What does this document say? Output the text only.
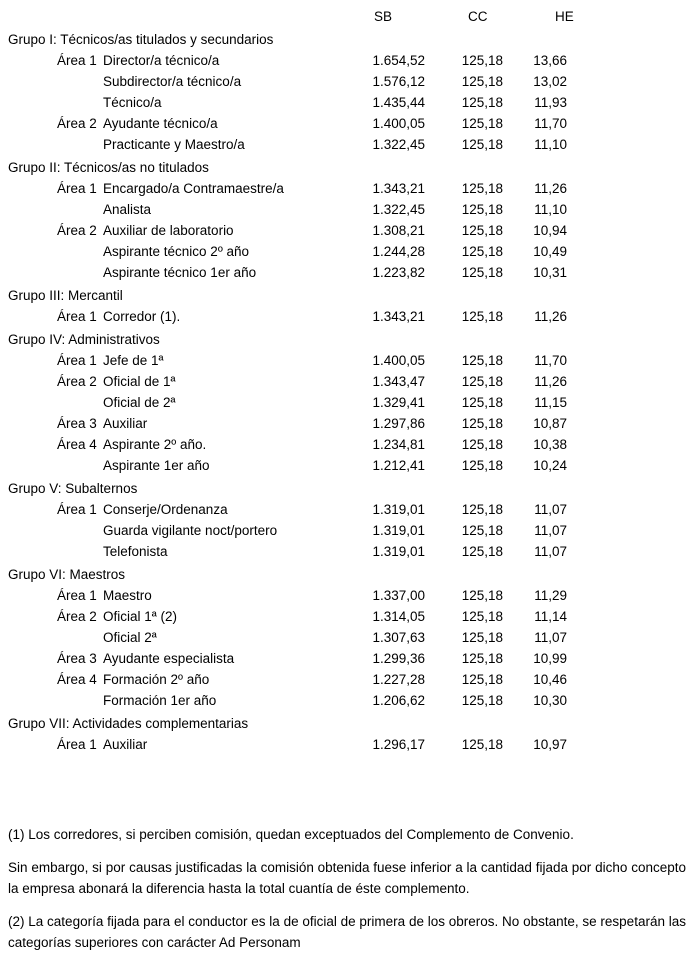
SB	CC	HE
Grupo I: Técnicos/as titulados y secundarios
Área 1 Director/a técnico/a	1.654,52	125,18	13,66
Subdirector/a técnico/a	1.576,12	125,18	13,02
Técnico/a	1.435,44	125,18	11,93
Área 2 Ayudante técnico/a	1.400,05	125,18	11,70
Practicante y Maestro/a	1.322,45	125,18	11,10
Grupo II: Técnicos/as no titulados
Área 1 Encargado/a Contramaestre/a	1.343,21	125,18	11,26
Analista	1.322,45	125,18	11,10
Área 2 Auxiliar de laboratorio	1.308,21	125,18	10,94
Aspirante técnico 2º año	1.244,28	125,18	10,49
Aspirante técnico 1er año	1.223,82	125,18	10,31
Grupo III: Mercantil
Área 1 Corredor (1).	1.343,21	125,18	11,26
Grupo IV: Administrativos
Área 1 Jefe de 1ª	1.400,05	125,18	11,70
Área 2 Oficial de 1ª	1.343,47	125,18	11,26
Oficial de 2ª	1.329,41	125,18	11,15
Área 3 Auxiliar	1.297,86	125,18	10,87
Área 4 Aspirante 2º año.	1.234,81	125,18	10,38
Aspirante 1er año	1.212,41	125,18	10,24
Grupo V: Subalternos
Área 1 Conserje/Ordenanza	1.319,01	125,18	11,07
Guarda vigilante noct/portero	1.319,01	125,18	11,07
Telefonista	1.319,01	125,18	11,07
Grupo VI: Maestros
Área 1 Maestro	1.337,00	125,18	11,29
Área 2 Oficial 1ª (2)	1.314,05	125,18	11,14
Oficial 2ª	1.307,63	125,18	11,07
Área 3 Ayudante especialista	1.299,36	125,18	10,99
Área 4 Formación 2º año	1.227,28	125,18	10,46
Formación 1er año	1.206,62	125,18	10,30
Grupo VII: Actividades complementarias
Área 1 Auxiliar	1.296,17	125,18	10,97

(1) Los corredores, si perciben comisión, quedan exceptuados del Complemento de Convenio.

Sin embargo, si por causas justificadas la comisión obtenida fuese inferior a la cantidad fijada por dicho concepto la empresa abonará la diferencia hasta la total cuantía de éste complemento.

(2) La categoría fijada para el conductor es la de oficial de primera de los obreros. No obstante, se respetarán las categorías superiores con carácter Ad Personam
